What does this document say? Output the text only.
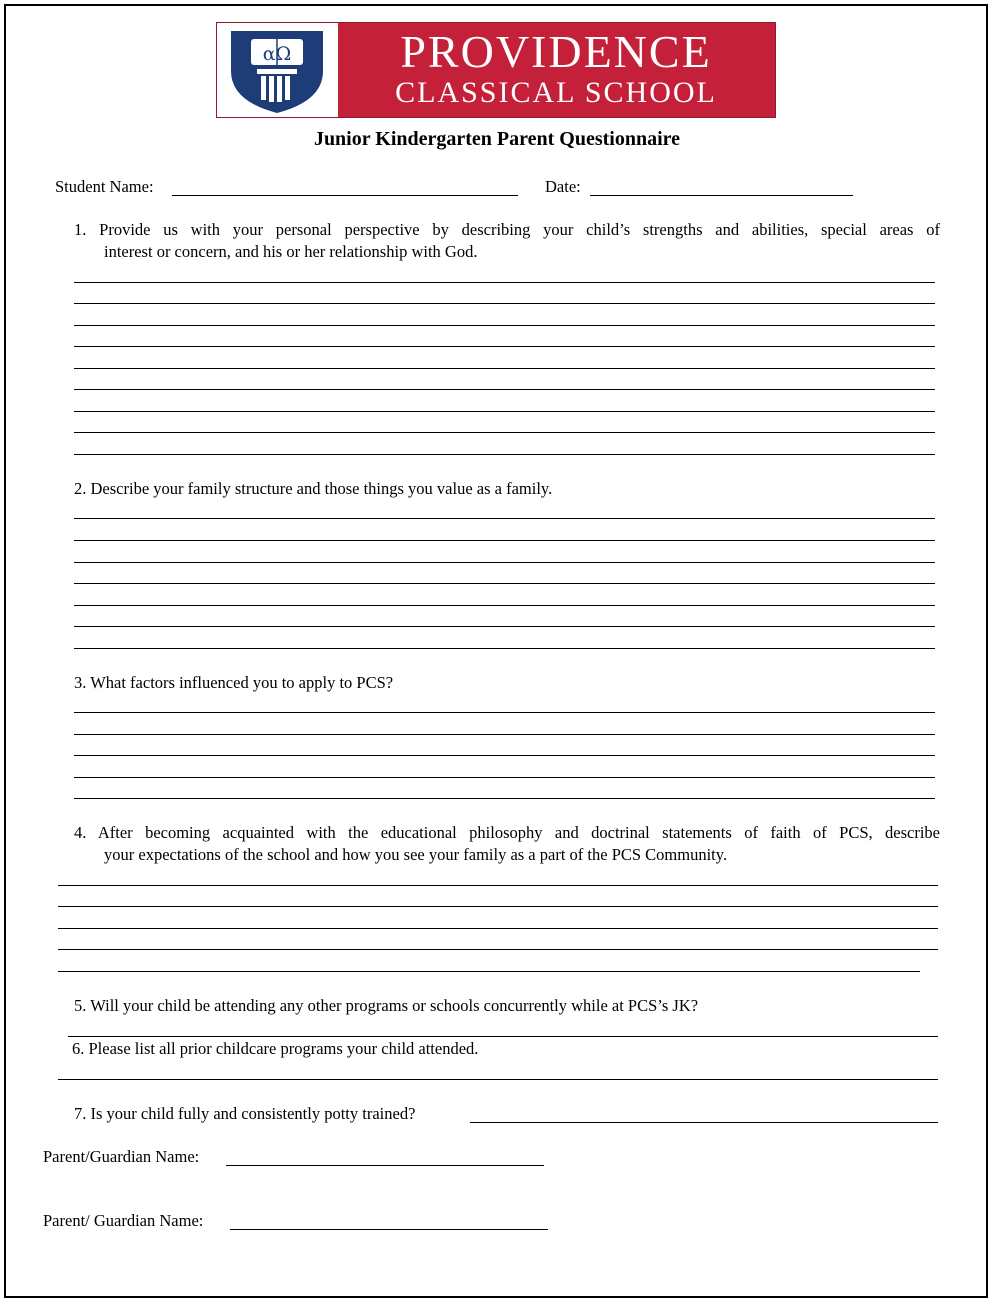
αΩ	PROVIDENCE
CLASSICAL SCHOOL
Junior Kindergarten Parent Questionnaire
Student Name:	Date:
1. Provide us with your personal perspective by describing your child’s strengths and abilities, special areas of
interest or concern, and his or her relationship with God.
2. Describe your family structure and those things you value as a family.
3. What factors influenced you to apply to PCS?
4. After becoming acquainted with the educational philosophy and doctrinal statements of faith of PCS, describe
your expectations of the school and how you see your family as a part of the PCS Community.
5. Will your child be attending any other programs or schools concurrently while at PCS’s JK?
6. Please list all prior childcare programs your child attended.
7. Is your child fully and consistently potty trained?
Parent/Guardian Name:
Parent/ Guardian Name:
